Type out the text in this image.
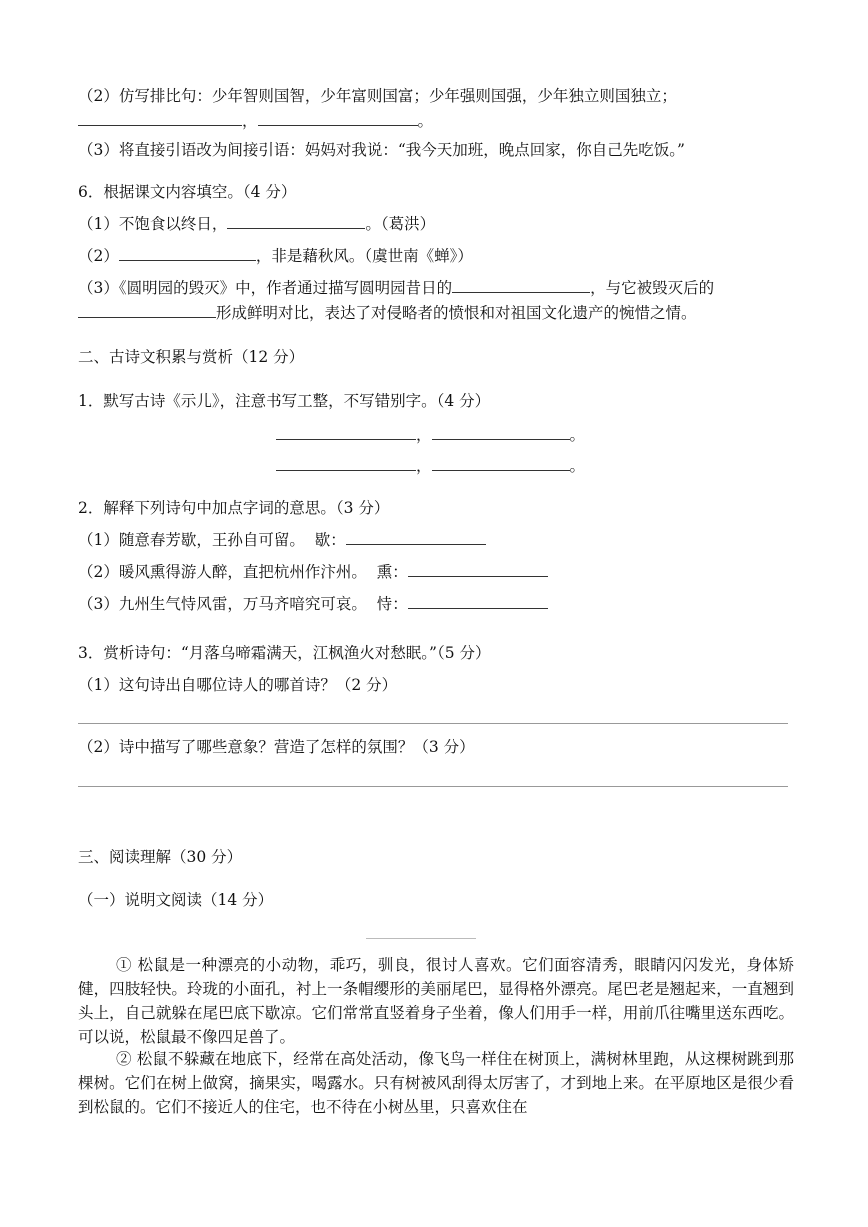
（2）仿写排比句：少年智则国智，少年富则国富；少年强则国强，少年独立则国独立；
，	。
（3）将直接引语改为间接引语：妈妈对我说：“我今天加班，晚点回家，你自己先吃饭。”
6．根据课文内容填空。（4 分）
（1）不饱食以终日，	。（葛洪）
（2）	，非是藉秋风。（虞世南《蝉》）
（3）《圆明园的毁灭》中，作者通过描写圆明园昔日的	，与它被毁灭后的
形成鲜明对比，表达了对侵略者的愤恨和对祖国文化遗产的惋惜之情。
二、古诗文积累与赏析（12 分）
1．默写古诗《示儿》，注意书写工整，不写错别字。（4 分）
，	。
，	。
2．解释下列诗句中加点字词的意思。（3 分）
（1）随意春芳歇，王孙自可留。 歇：
（2）暖风熏得游人醉，直把杭州作汴州。 熏：
（3）九州生气恃风雷，万马齐喑究可哀。 恃：
3．赏析诗句：“月落乌啼霜满天，江枫渔火对愁眠。”（5 分）
（1）这句诗出自哪位诗人的哪首诗？（2 分）
（2）诗中描写了哪些意象？营造了怎样的氛围？（3 分）
三、阅读理解（30 分）
（一）说明文阅读（14 分）
① 松鼠是一种漂亮的小动物，乖巧，驯良，很讨人喜欢。它们面容清秀，眼睛闪闪发光，身体矫健，四肢轻快。玲珑的小面孔，衬上一条帽缨形的美丽尾巴，显得格外漂亮。尾巴老是翘起来，一直翘到头上，自己就躲在尾巴底下歇凉。它们常常直竖着身子坐着，像人们用手一样，用前爪往嘴里送东西吃。可以说，松鼠最不像四足兽了。
② 松鼠不躲藏在地底下，经常在高处活动，像飞鸟一样住在树顶上，满树林里跑，从这棵树跳到那棵树。它们在树上做窝，摘果实，喝露水。只有树被风刮得太厉害了，才到地上来。在平原地区是很少看到松鼠的。它们不接近人的住宅，也不待在小树丛里，只喜欢住在
